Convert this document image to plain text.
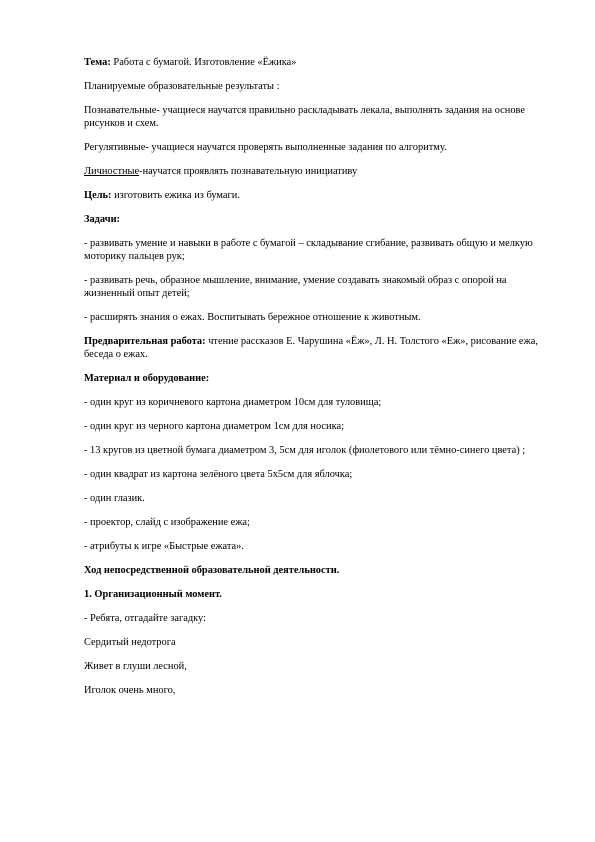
Тема: Работа с бумагой. Изготовление «Ёжика»

Планируемые образовательные результаты :

Познавательные- учащиеся научатся правильно раскладывать лекала, выполнять задания на основе рисунков и схем.

Регулятивные- учащиеся научатся проверять выполненные задания по алгоритму.

Личностные-научатся проявлять познавательную инициативу

Цель: изготовить ежика из бумаги.

Задачи:

- развивать умение и навыки в работе с бумагой – складывание сгибание, развивать общую и мелкую моторику пальцев рук;

- развивать речь, образное мышление, внимание, умение создавать знакомый образ с опорой на жизненный опыт детей;

- расширять знания о ежах. Воспитывать бережное отношение к животным.

Предварительная работа: чтение рассказов Е. Чарушина «Ёж», Л. Н. Толстого «Еж», рисование ежа, беседа о ежах.

Материал и оборудование:

- один круг из коричневого картона диаметром 10см для туловища;

- один круг из черного картона диаметром 1см для носика;

- 13 кругов из цветной бумага диаметром 3, 5см для иголок (фиолетового или тёмно-синего цвета) ;

- один квадрат из картона зелёного цвета 5х5см для яблочка;

- один глазик.

- проектор, слайд с изображение ежа;

- атрибуты к игре «Быстрые ежата».

Ход непосредственной образовательной деятельности.

1. Организационный момент.

- Ребята, отгадайте загадку:

Сердитый недотрога

Живет в глуши лесной,

Иголок очень много,
